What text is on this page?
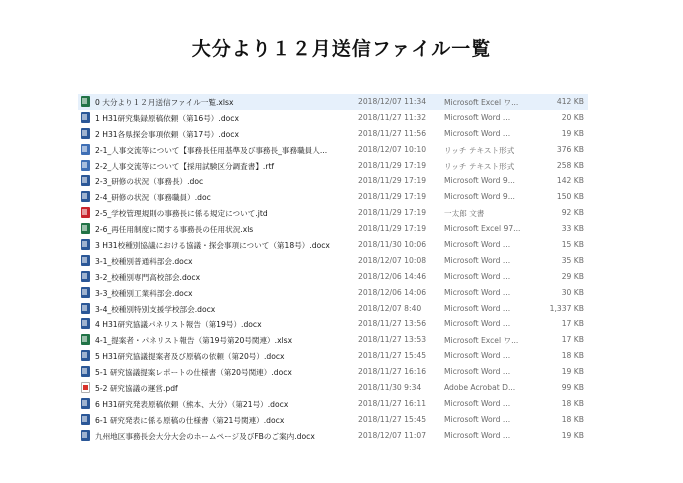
大分より１２月送信ファイル一覧
0 大分より１２月送信ファイル一覧.xlsx	2018/12/07 11:34	Microsoft Excel ワ...	412 KB
1 H31研究集録原稿依頼（第16号）.docx	2018/11/27 11:32	Microsoft Word ...	20 KB
2 H31各県探会事項依頼（第17号）.docx	2018/11/27 11:56	Microsoft Word ...	19 KB
2-1_人事交流等について【事務長任用基準及び事務長_事務職員人...	2018/12/07 10:10	リッチ テキスト形式	376 KB
2-2_人事交流等について【採用試験区分調査書】.rtf	2018/11/29 17:19	リッチ テキスト形式	258 KB
2-3_研修の状況（事務長）.doc	2018/11/29 17:19	Microsoft Word 9...	142 KB
2-4_研修の状況（事務職員）.doc	2018/11/29 17:19	Microsoft Word 9...	150 KB
2-5_学校管理規則の事務長に係る規定について.jtd	2018/11/29 17:19	一太郎 文書	92 KB
2-6_再任用制度に関する事務長の任用状況.xls	2018/11/29 17:19	Microsoft Excel 97...	33 KB
3 H31校種別協議における協議・探会事項について（第18号）.docx	2018/11/30 10:06	Microsoft Word ...	15 KB
3-1_校種別普通科部会.docx	2018/12/07 10:08	Microsoft Word ...	35 KB
3-2_校種別専門高校部会.docx	2018/12/06 14:46	Microsoft Word ...	29 KB
3-3_校種別工業科部会.docx	2018/12/06 14:06	Microsoft Word ...	30 KB
3-4_校種別特別支援学校部会.docx	2018/12/07 8:40	Microsoft Word ...	1,337 KB
4 H31研究協議パネリスト報告（第19号）.docx	2018/11/27 13:56	Microsoft Word ...	17 KB
4-1_提案者・パネリスト報告（第19号第20号関連）.xlsx	2018/11/27 13:53	Microsoft Excel ワ...	17 KB
5 H31研究協議提案者及び原稿の依頼（第20号）.docx	2018/11/27 15:45	Microsoft Word ...	18 KB
5-1 研究協議提案レポートの仕様書（第20号関連）.docx	2018/11/27 16:16	Microsoft Word ...	19 KB
5-2 研究協議の運営.pdf	2018/11/30 9:34	Adobe Acrobat D...	99 KB
6 H31研究発表原稿依頼（熊本、大分）（第21号）.docx	2018/11/27 16:11	Microsoft Word ...	18 KB
6-1 研究発表に係る原稿の仕様書（第21号関連）.docx	2018/11/27 15:45	Microsoft Word ...	18 KB
九州地区事務長会大分大会のホームページ及びFBのご案内.docx	2018/12/07 11:07	Microsoft Word ...	19 KB
